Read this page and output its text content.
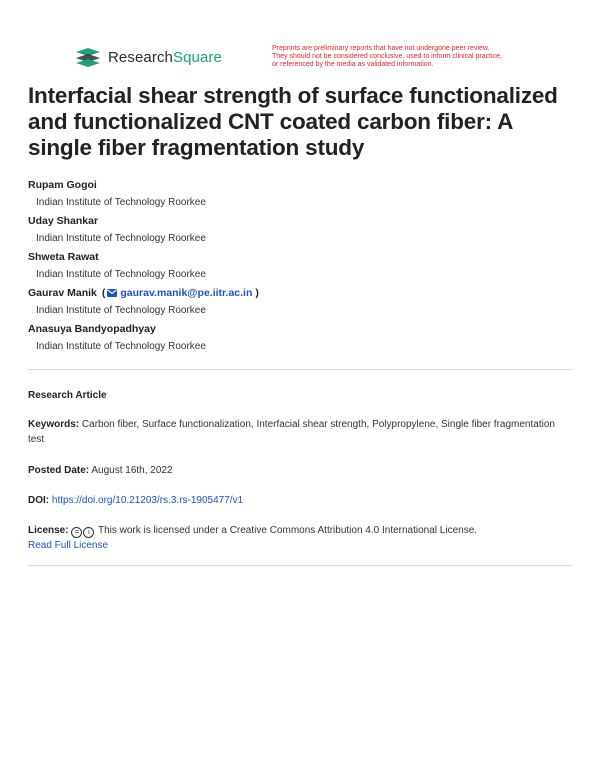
ResearchSquare	Preprints are preliminary reports that have not undergone peer review.
They should not be considered conclusive, used to inform clinical practice,
or referenced by the media as validated information.
Interfacial shear strength of surface functionalized and functionalized CNT coated carbon fiber: A single fiber fragmentation study
Rupam Gogoi
Indian Institute of Technology Roorkee
Uday Shankar
Indian Institute of Technology Roorkee
Shweta Rawat
Indian Institute of Technology Roorkee
Gaurav Manik ( gaurav.manik@pe.iitr.ac.in )
Indian Institute of Technology Roorkee
Anasuya Bandyopadhyay
Indian Institute of Technology Roorkee
Research Article
Keywords: Carbon fiber, Surface functionalization, Interfacial shear strength, Polypropylene, Single fiber fragmentation test
Posted Date: August 16th, 2022
DOI: https://doi.org/10.21203/rs.3.rs-1905477/v1
License: = i This work is licensed under a Creative Commons Attribution 4.0 International License.
Read Full License
